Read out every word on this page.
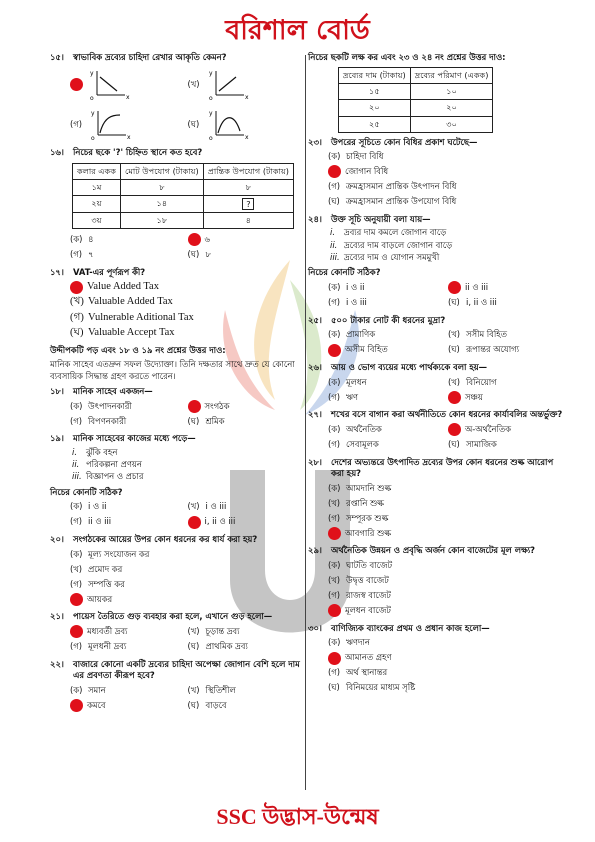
বরিশাল বোর্ড
১৫।	স্বাভাবিক দ্রব্যের চাহিদা রেখার আকৃতি কেমন?
y
x
o
(খ)
y
x
o
(গ)
y
x
o
(ঘ)
y
x
o
১৬।	নিচের ছকে '?' চিহ্নিত স্থানে কত হবে?
কলার একক	মোট উপযোগ (টাকায়)	প্রান্তিক উপযোগ (টাকায়)
১ম	৮	৮
২য়	১৪	?
৩য়	১৮	৪
(ক) ৪	৬
(গ) ৭	(ঘ) ৮
১৭।	VAT-এর পূর্ণরূপ কী?
Value Added Tax
(খ) Valuable Added Tax
(গ) Vulnerable Aditional Tax
(ঘ) Valuable Accept Tax
উদ্দীপকটি পড় এবং ১৮ ও ১৯ নং প্রশ্নের উত্তর দাও:
মানিক সাহেব এতদ্রুন সফল উদ্যোক্তা। তিনি দক্ষতার সাথে দ্রুত যে কোনো ব্যবসায়িক সিদ্ধান্ত গ্রহণ করতে পারেন।
১৮।	মানিক সাহেব একজন—
(ক) উৎপাদনকারী	সংগঠক
(গ) বিপণনকারী	(ঘ) শ্রমিক
১৯।	মানিক সাহেবের কাজের মধ্যে পড়ে—
i. ঝুঁকি বহন
ii. পরিকল্পনা প্রণয়ন
iii. বিজ্ঞাপন ও প্রচার
নিচের কোনটি সঠিক?
(ক) i ও ii	(খ) i ও iii
(গ) ii ও iii	i, ii ও iii
২০।	সংগঠকের আয়ের উপর কোন ধরনের কর ধার্য করা হয়?
(ক) মূল্য সংযোজন কর
(খ) প্রমোদ কর
(গ) সম্পত্তি কর
আয়কর
২১।	পায়েস তৈরিতে গুড় ব্যবহার করা হলে, এখানে গুড় হলো—
মধ্যবর্তী দ্রব্য	(খ) চূড়ান্ত দ্রব্য
(গ) মূলধনী দ্রব্য	(ঘ) প্রাথমিক দ্রব্য
২২।	বাজারে কোনো একটি দ্রব্যের চাহিদা অপেক্ষা জোগান বেশি হলে দাম এর প্রবণতা কীরূপ হবে?
(ক) সমান	(খ) স্থিতিশীল
কমবে	(ঘ) বাড়বে
নিচের ছকটি লক্ষ কর এবং ২৩ ও ২৪ নং প্রশ্নের উত্তর দাও:
দ্রব্যের দাম (টাকায়)	দ্রব্যের পরিমাণ (একক)
১৫	১০
২০	২০
২৫	৩০
২৩।	উপরের সূচিতে কোন বিধির প্রকাশ ঘটেছে—
(ক) চাহিদা বিধি
জোগান বিধি
(গ) ক্রমহ্রাসমান প্রান্তিক উৎপাদন বিধি
(ঘ) ক্রমহ্রাসমান প্রান্তিক উপযোগ বিধি
২৪।	উক্ত সূচি অনুযায়ী বলা যায়—
i. দ্রব্যর দাম কমলে জোগান বাড়ে
ii. দ্রব্যের দাম বাড়লে জোগান বাড়ে
iii. দ্রব্যের দাম ও যোগান সমমুখী
নিচের কোনটি সঠিক?
(ক) i ও ii	ii ও iii
(গ) i ও iii	(ঘ) i, ii ও iii
২৫।	৫০০ টাকার নোট কী ধরনের মুদ্রা?
(ক) প্রামাণিক	(খ) সসীম বিহিত
অসীম বিহিত	(ঘ) রূপান্তর অযোগ্য
২৬।	আয় ও ভোগ ব্যয়ের মধ্যে পার্থক্যকে বলা হয়—
(ক) মূলধন	(খ) বিনিয়োগ
(গ) ঋণ	সঞ্চয়
২৭।	শখের বসে বাগান করা অর্থনীতিতে কোন ধরনের কার্যাবলির অন্তর্ভুক্ত?
(ক) অর্থনৈতিক	অ-অর্থনৈতিক
(গ) সেবামূলক	(ঘ) সামাজিক
২৮।	দেশের অভ্যন্তরে উৎপাদিত দ্রব্যের উপর কোন ধরনের শুল্ক আরোপ করা হয়?
(ক) আমদানি শুল্ক
(খ) রপ্তানি শুল্ক
(গ) সম্পূরক শুল্ক
আবগারি শুল্ক
২৯।	অর্থনৈতিক উন্নয়ন ও প্রবৃদ্ধি অর্জন কোন বাজেটের মূল লক্ষ্য?
(ক) ঘাটতি বাজেট
(খ) উদ্বৃত্ত বাজেট
(গ) রাজস্ব বাজেট
মূলধন বাজেট
৩০।	বাণিজ্যিক ব্যাংকের প্রথম ও প্রধান কাজ হলো—
(ক) ঋণদান
আমানত গ্রহণ
(গ) অর্থ স্থানান্তর
(ঘ) বিনিময়ের মাধ্যম সৃষ্টি
SSC উদ্ভাস-উন্মেষ
